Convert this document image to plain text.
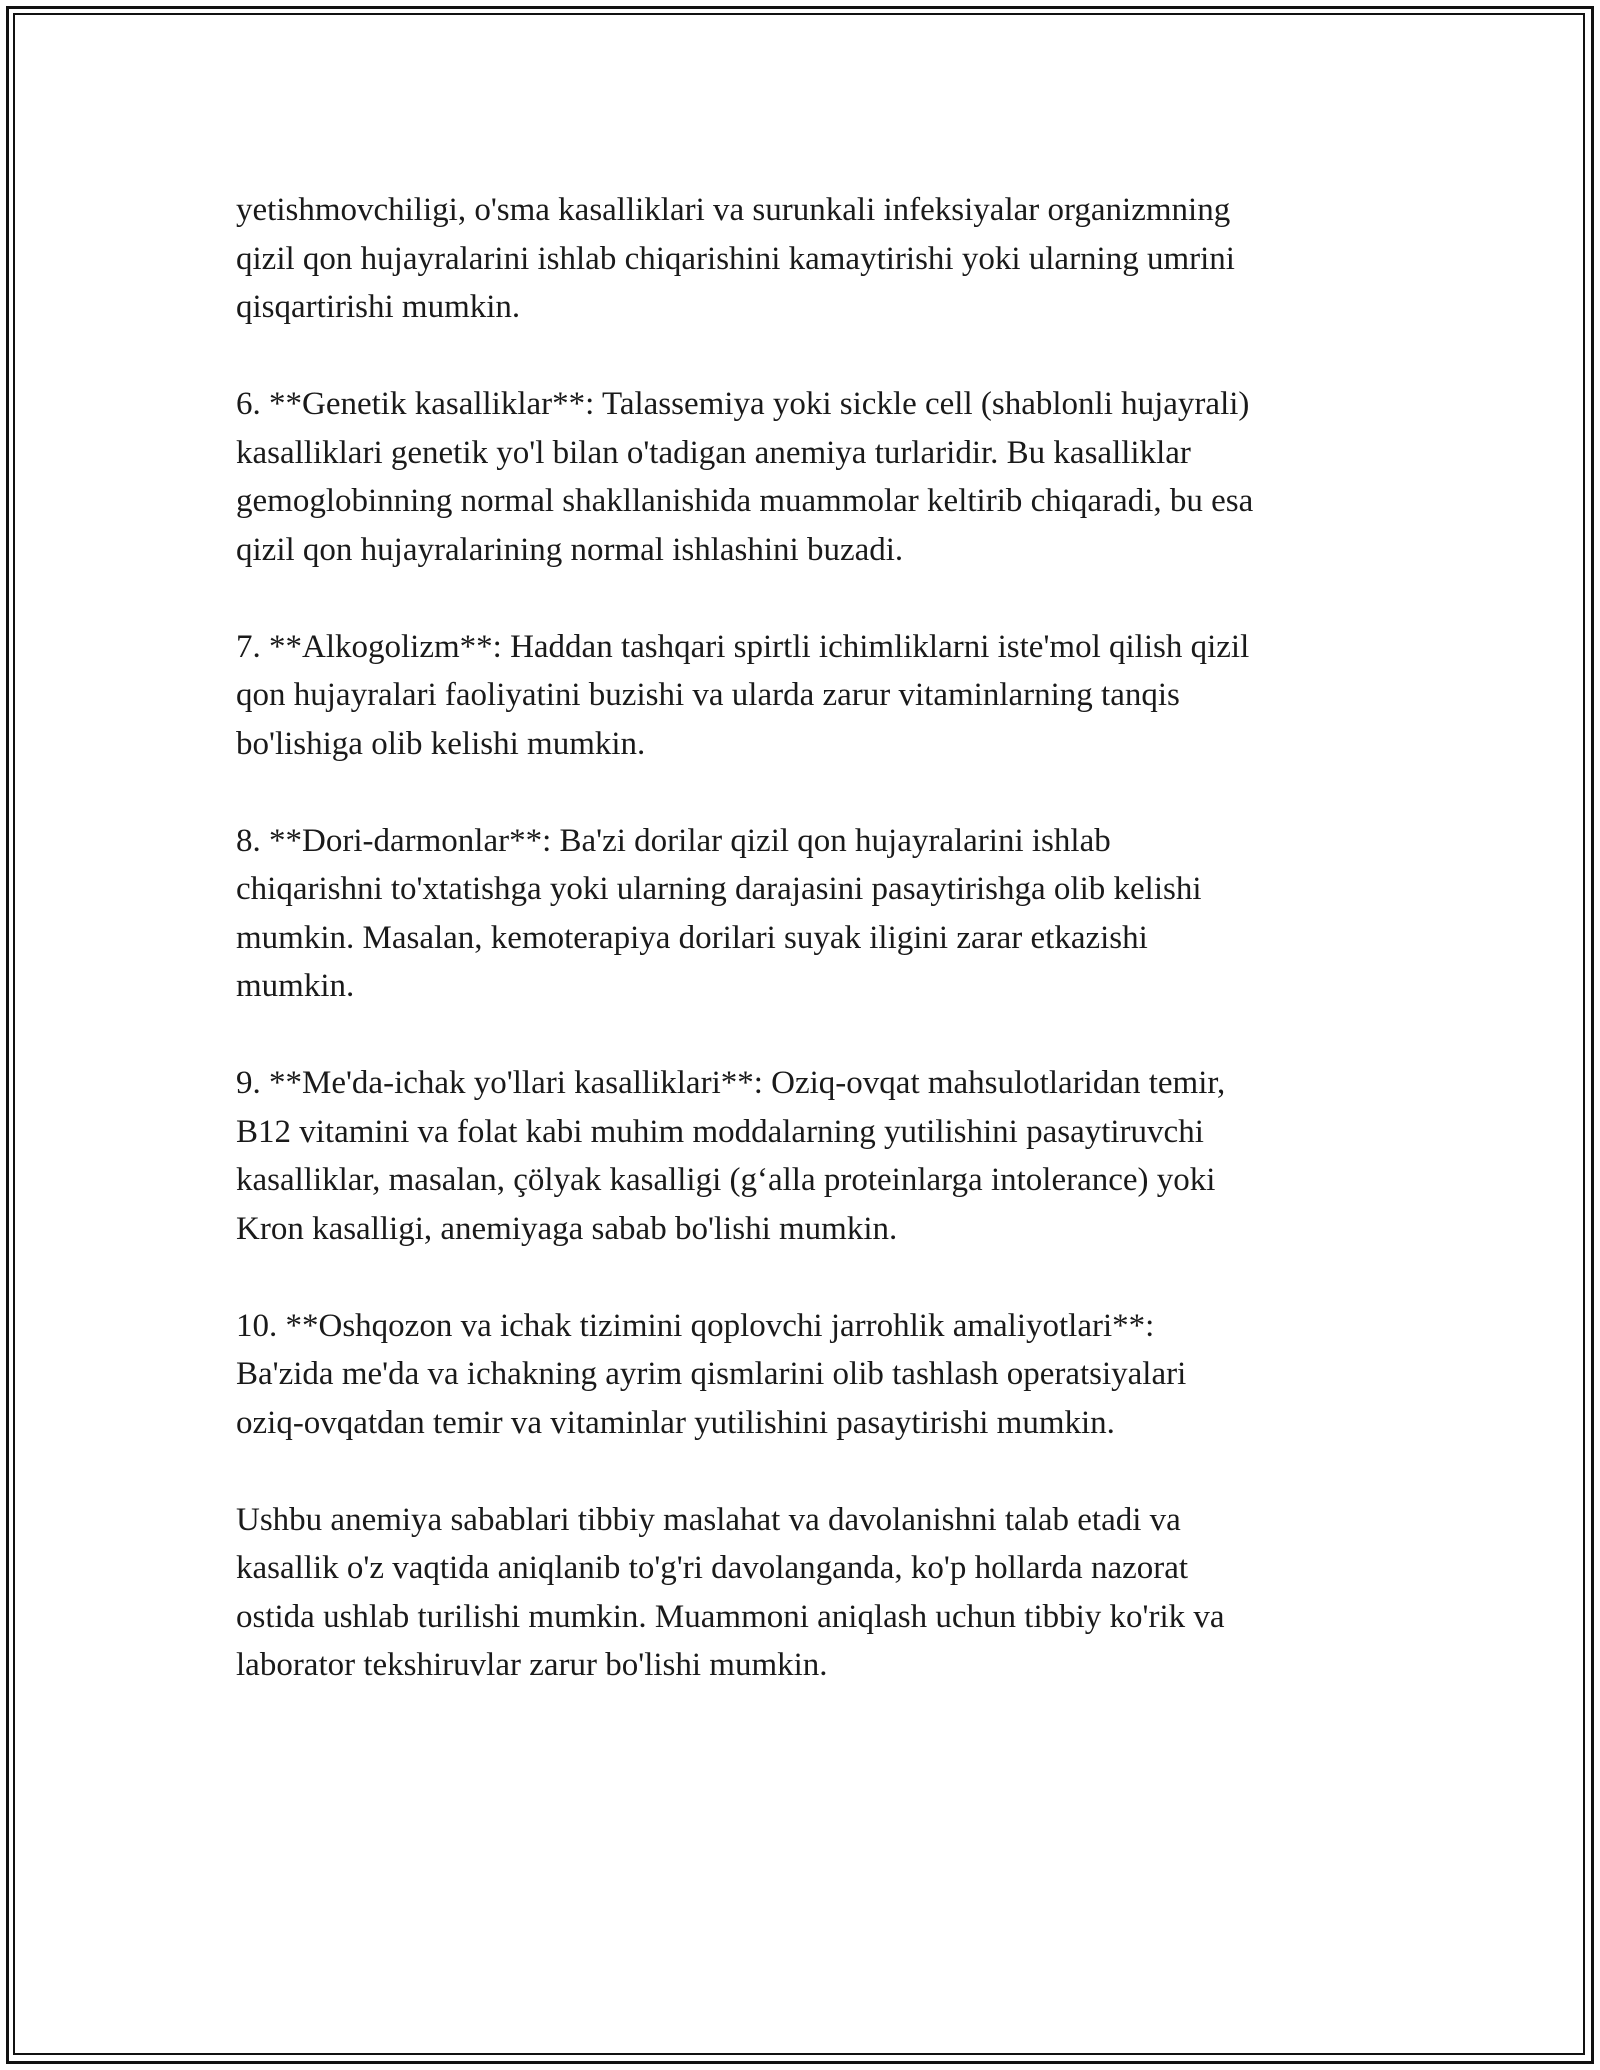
yetishmovchiligi, o'sma kasalliklari va surunkali infeksiyalar organizmning
qizil qon hujayralarini ishlab chiqarishini kamaytirishi yoki ularning umrini
qisqartirishi mumkin.

6. **Genetik kasalliklar**: Talassemiya yoki sickle cell (shablonli hujayrali)
kasalliklari genetik yo'l bilan o'tadigan anemiya turlaridir. Bu kasalliklar
gemoglobinning normal shakllanishida muammolar keltirib chiqaradi, bu esa
qizil qon hujayralarining normal ishlashini buzadi.

7. **Alkogolizm**: Haddan tashqari spirtli ichimliklarni iste'mol qilish qizil
qon hujayralari faoliyatini buzishi va ularda zarur vitaminlarning tanqis
bo'lishiga olib kelishi mumkin.

8. **Dori-darmonlar**: Ba'zi dorilar qizil qon hujayralarini ishlab
chiqarishni to'xtatishga yoki ularning darajasini pasaytirishga olib kelishi
mumkin. Masalan, kemoterapiya dorilari suyak iligini zarar etkazishi
mumkin.

9. **Me'da-ichak yo'llari kasalliklari**: Oziq-ovqat mahsulotlaridan temir,
B12 vitamini va folat kabi muhim moddalarning yutilishini pasaytiruvchi
kasalliklar, masalan, çölyak kasalligi (g‘alla proteinlarga intolerance) yoki
Kron kasalligi, anemiyaga sabab bo'lishi mumkin.

10. **Oshqozon va ichak tizimini qoplovchi jarrohlik amaliyotlari**:
Ba'zida me'da va ichakning ayrim qismlarini olib tashlash operatsiyalari
oziq-ovqatdan temir va vitaminlar yutilishini pasaytirishi mumkin.

Ushbu anemiya sabablari tibbiy maslahat va davolanishni talab etadi va
kasallik o'z vaqtida aniqlanib to'g'ri davolanganda, ko'p hollarda nazorat
ostida ushlab turilishi mumkin. Muammoni aniqlash uchun tibbiy ko'rik va
laborator tekshiruvlar zarur bo'lishi mumkin.
